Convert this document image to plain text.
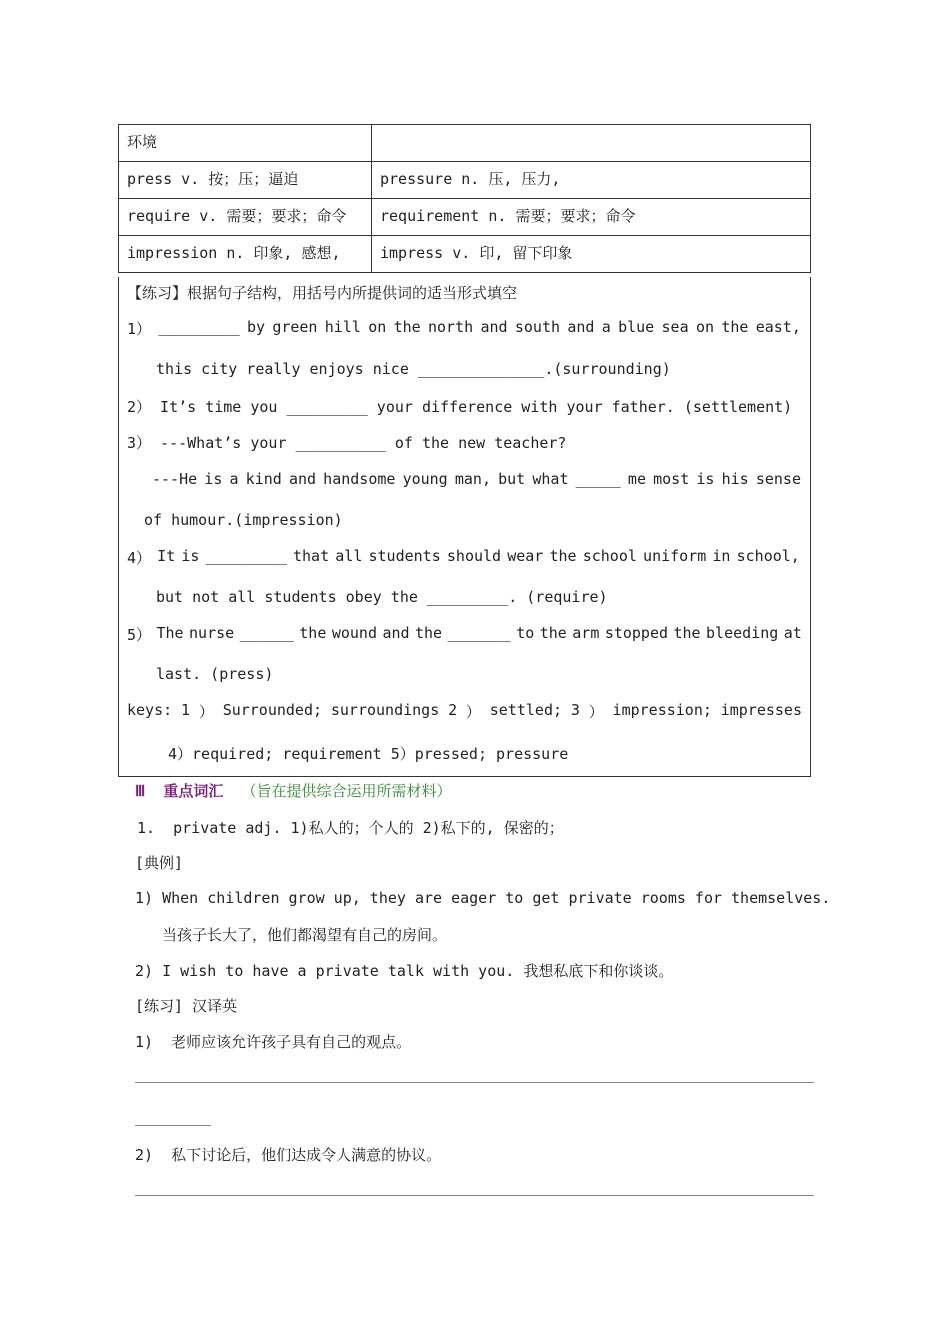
环境	
press v. 按；压；逼迫	pressure n. 压, 压力,
require v. 需要；要求；命令	requirement n. 需要；要求；命令
impression n. 印象, 感想,	impress v. 印, 留下印象
【练习】根据句子结构，用括号内所提供词的适当形式填空
1） _________ by green hill on the north and south and a blue sea on the east,
this city really enjoys nice ______________.(surrounding)
2） It’s time you _________ your difference with your father. (settlement)
3） ---What’s your __________ of the new teacher?
---He is a kind and handsome young man, but what _____ me most is his sense
of humour.(impression)
4） It is _________ that all students should wear the school uniform in school,
but not all students obey the _________. (require)
5） The nurse ______ the wound and the _______ to the arm stopped the bleeding at
last. (press)
keys: 1 ） Surrounded; surroundings 2 ） settled; 3 ） impression; impresses
4）required; requirement 5）pressed; pressure
Ⅲ 重点词汇 （旨在提供综合运用所需材料）
1.  private adj. 1)私人的；个人的 2)私下的, 保密的；
[典例]
1) When children grow up, they are eager to get private rooms for themselves.
当孩子长大了，他们都渴望有自己的房间。
2) I wish to have a private talk with you. 我想私底下和你谈谈。
[练习] 汉译英
1)  老师应该允许孩子具有自己的观点。
2)  私下讨论后，他们达成令人满意的协议。
